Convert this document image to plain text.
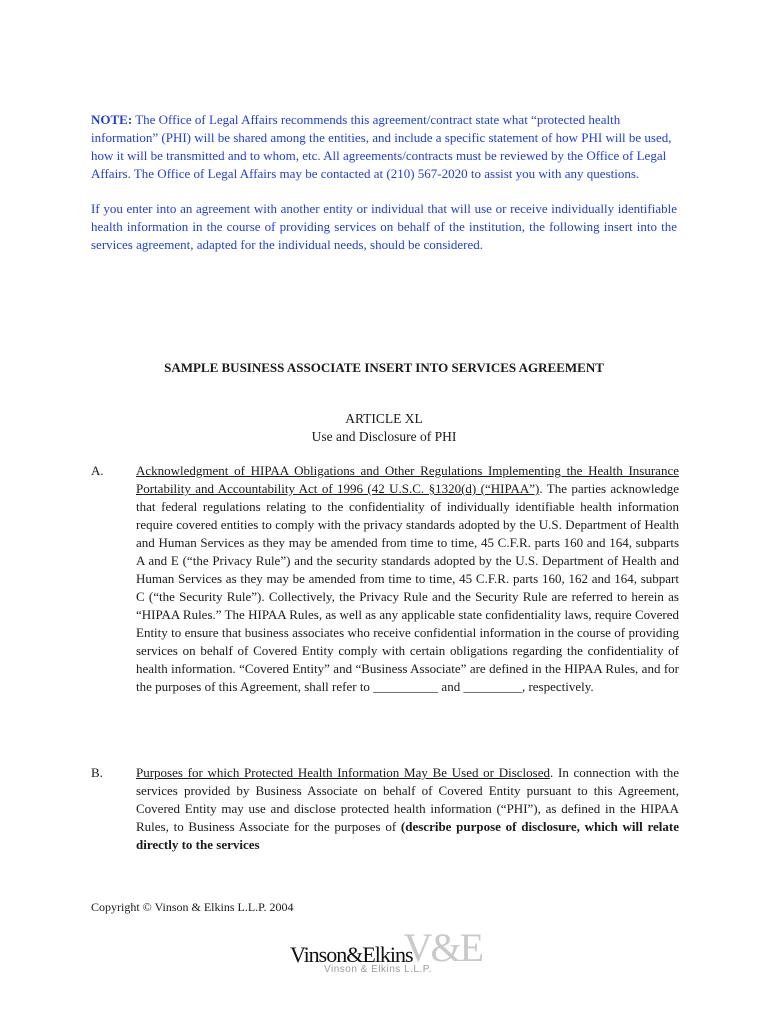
NOTE: The Office of Legal Affairs recommends this agreement/contract state what “protected health information” (PHI) will be shared among the entities, and include a specific statement of how PHI will be used, how it will be transmitted and to whom, etc. All agreements/contracts must be reviewed by the Office of Legal Affairs. The Office of Legal Affairs may be contacted at (210) 567-2020 to assist you with any questions.

If you enter into an agreement with another entity or individual that will use or receive individually identifiable health information in the course of providing services on behalf of the institution, the following insert into the services agreement, adapted for the individual needs, should be considered.

SAMPLE BUSINESS ASSOCIATE INSERT INTO SERVICES AGREEMENT
ARTICLE XL
Use and Disclosure of PHI
A. Acknowledgment of HIPAA Obligations and Other Regulations Implementing the Health Insurance Portability and Accountability Act of 1996 (42 U.S.C. §1320(d) (“HIPAA”). The parties acknowledge that federal regulations relating to the confidentiality of individually identifiable health information require covered entities to comply with the privacy standards adopted by the U.S. Department of Health and Human Services as they may be amended from time to time, 45 C.F.R. parts 160 and 164, subparts A and E (“the Privacy Rule”) and the security standards adopted by the U.S. Department of Health and Human Services as they may be amended from time to time, 45 C.F.R. parts 160, 162 and 164, subpart C (“the Security Rule”). Collectively, the Privacy Rule and the Security Rule are referred to herein as “HIPAA Rules.” The HIPAA Rules, as well as any applicable state confidentiality laws, require Covered Entity to ensure that business associates who receive confidential information in the course of providing services on behalf of Covered Entity comply with certain obligations regarding the confidentiality of health information. “Covered Entity” and “Business Associate” are defined in the HIPAA Rules, and for the purposes of this Agreement, shall refer to __________ and _________, respectively.
B.	Purposes for which Protected Health Information May Be Used or Disclosed. In connection with the services provided by Business Associate on behalf of Covered Entity pursuant to this Agreement, Covered Entity may use and disclose protected health information (“PHI”), as defined in the HIPAA Rules, to Business Associate for the purposes of (describe purpose of disclosure, which will relate directly to the services
Copyright © Vinson & Elkins L.L.P. 2004
V&E
Vinson&Elkins
Vinson & Elkins L.L.P.
